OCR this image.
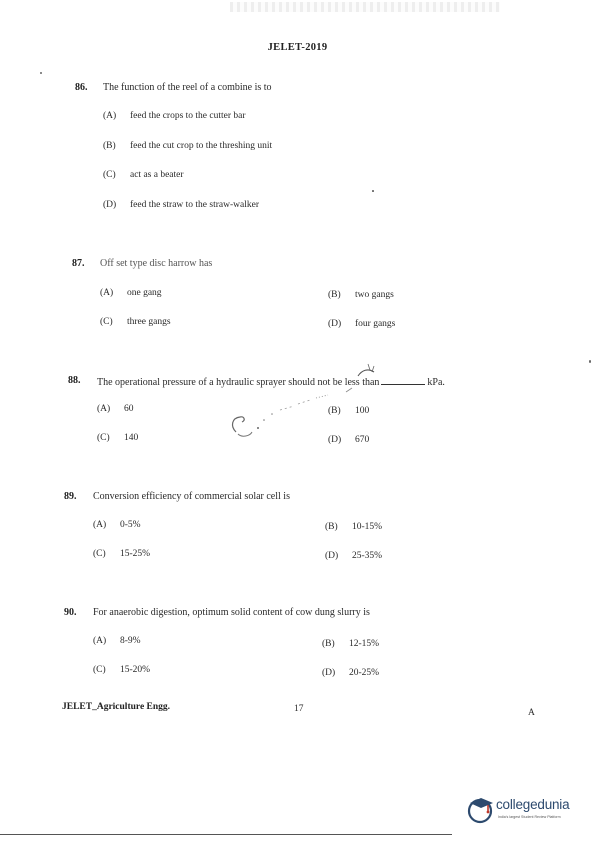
JELET-2019
86. The function of the reel of a combine is to
(A) feed the crops to the cutter bar
(B) feed the cut crop to the threshing unit
(C) act as a beater
(D) feed the straw to the straw-walker
87. Off set type disc harrow has
(A) one gang	(B) two gangs
(C) three gangs	(D) four gangs
88. The operational pressure of a hydraulic sprayer should not be less than	kPa.
(A) 60	(B) 100
(C) 140	(D) 670
89. Conversion efficiency of commercial solar cell is
(A) 0-5%	(B) 10-15%
(C) 15-25%	(D) 25-35%
90. For anaerobic digestion, optimum solid content of cow dung slurry is
(A) 8-9%	(B) 12-15%
(C) 15-20%	(D) 20-25%
JELET_Agriculture Engg.	17	A
collegedunia
India's largest Student Review Platform
